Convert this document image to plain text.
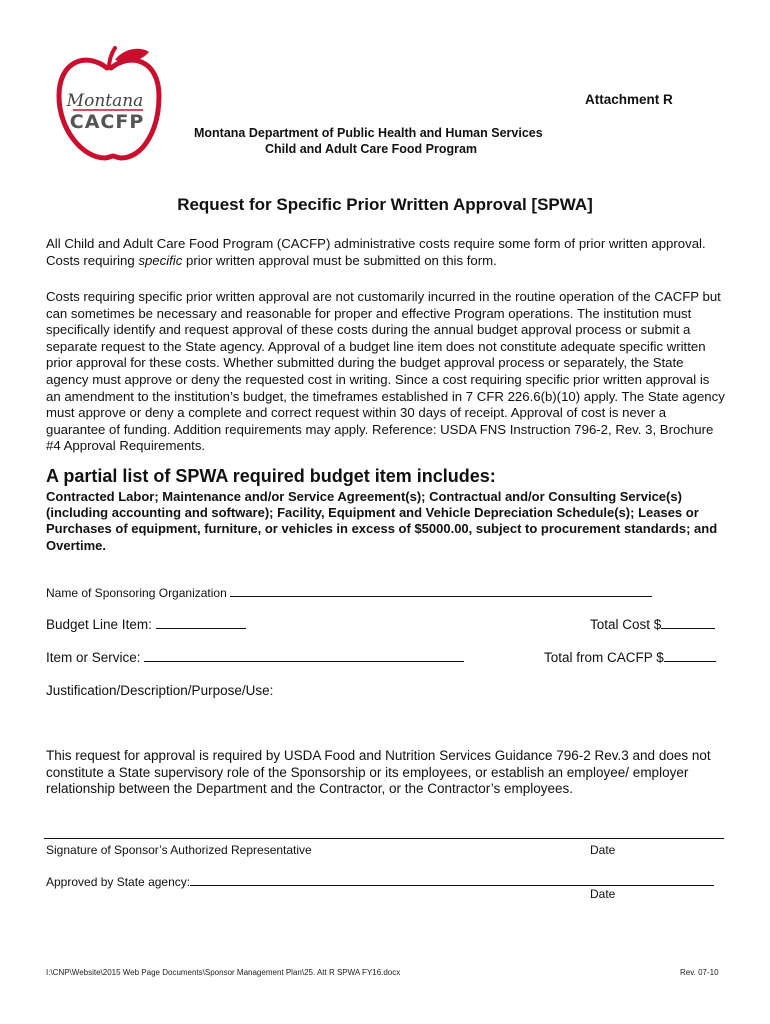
Montana
CACFP
Attachment R
Montana Department of Public Health and Human Services
Child and Adult Care Food Program
Request for Specific Prior Written Approval [SPWA]

All Child and Adult Care Food Program (CACFP) administrative costs require some form of prior written approval. Costs requiring specific prior written approval must be submitted on this form.

Costs requiring specific prior written approval are not customarily incurred in the routine operation of the CACFP but can sometimes be necessary and reasonable for proper and effective Program operations. The institution must specifically identify and request approval of these costs during the annual budget approval process or submit a separate request to the State agency. Approval of a budget line item does not constitute adequate specific written prior approval for these costs. Whether submitted during the budget approval process or separately, the State agency must approve or deny the requested cost in writing. Since a cost requiring specific prior written approval is an amendment to the institution’s budget, the timeframes established in 7 CFR 226.6(b)(10) apply. The State agency must approve or deny a complete and correct request within 30 days of receipt. Approval of cost is never a guarantee of funding. Addition requirements may apply. Reference: USDA FNS Instruction 796-2, Rev. 3, Brochure #4 Approval Requirements.

A partial list of SPWA required budget item includes:

Contracted Labor; Maintenance and/or Service Agreement(s); Contractual and/or Consulting Service(s) (including accounting and software); Facility, Equipment and Vehicle Depreciation Schedule(s); Leases or Purchases of equipment, furniture, or vehicles in excess of $5000.00, subject to procurement standards; and Overtime.

Name of Sponsoring Organization
Budget Line Item:	Total Cost $
Item or Service:	Total from CACFP $
Justification/Description/Purpose/Use:

This request for approval is required by USDA Food and Nutrition Services Guidance 796-2 Rev.3 and does not constitute a State supervisory role of the Sponsorship or its employees, or establish an employee/ employer relationship between the Department and the Contractor, or the Contractor’s employees.

Signature of Sponsor’s Authorized Representative	Date
Approved by State agency:
Date
I:\CNP\Website\2015 Web Page Documents\Sponsor Management Plan\25. Att R SPWA FY16.docx	Rev. 07-10
